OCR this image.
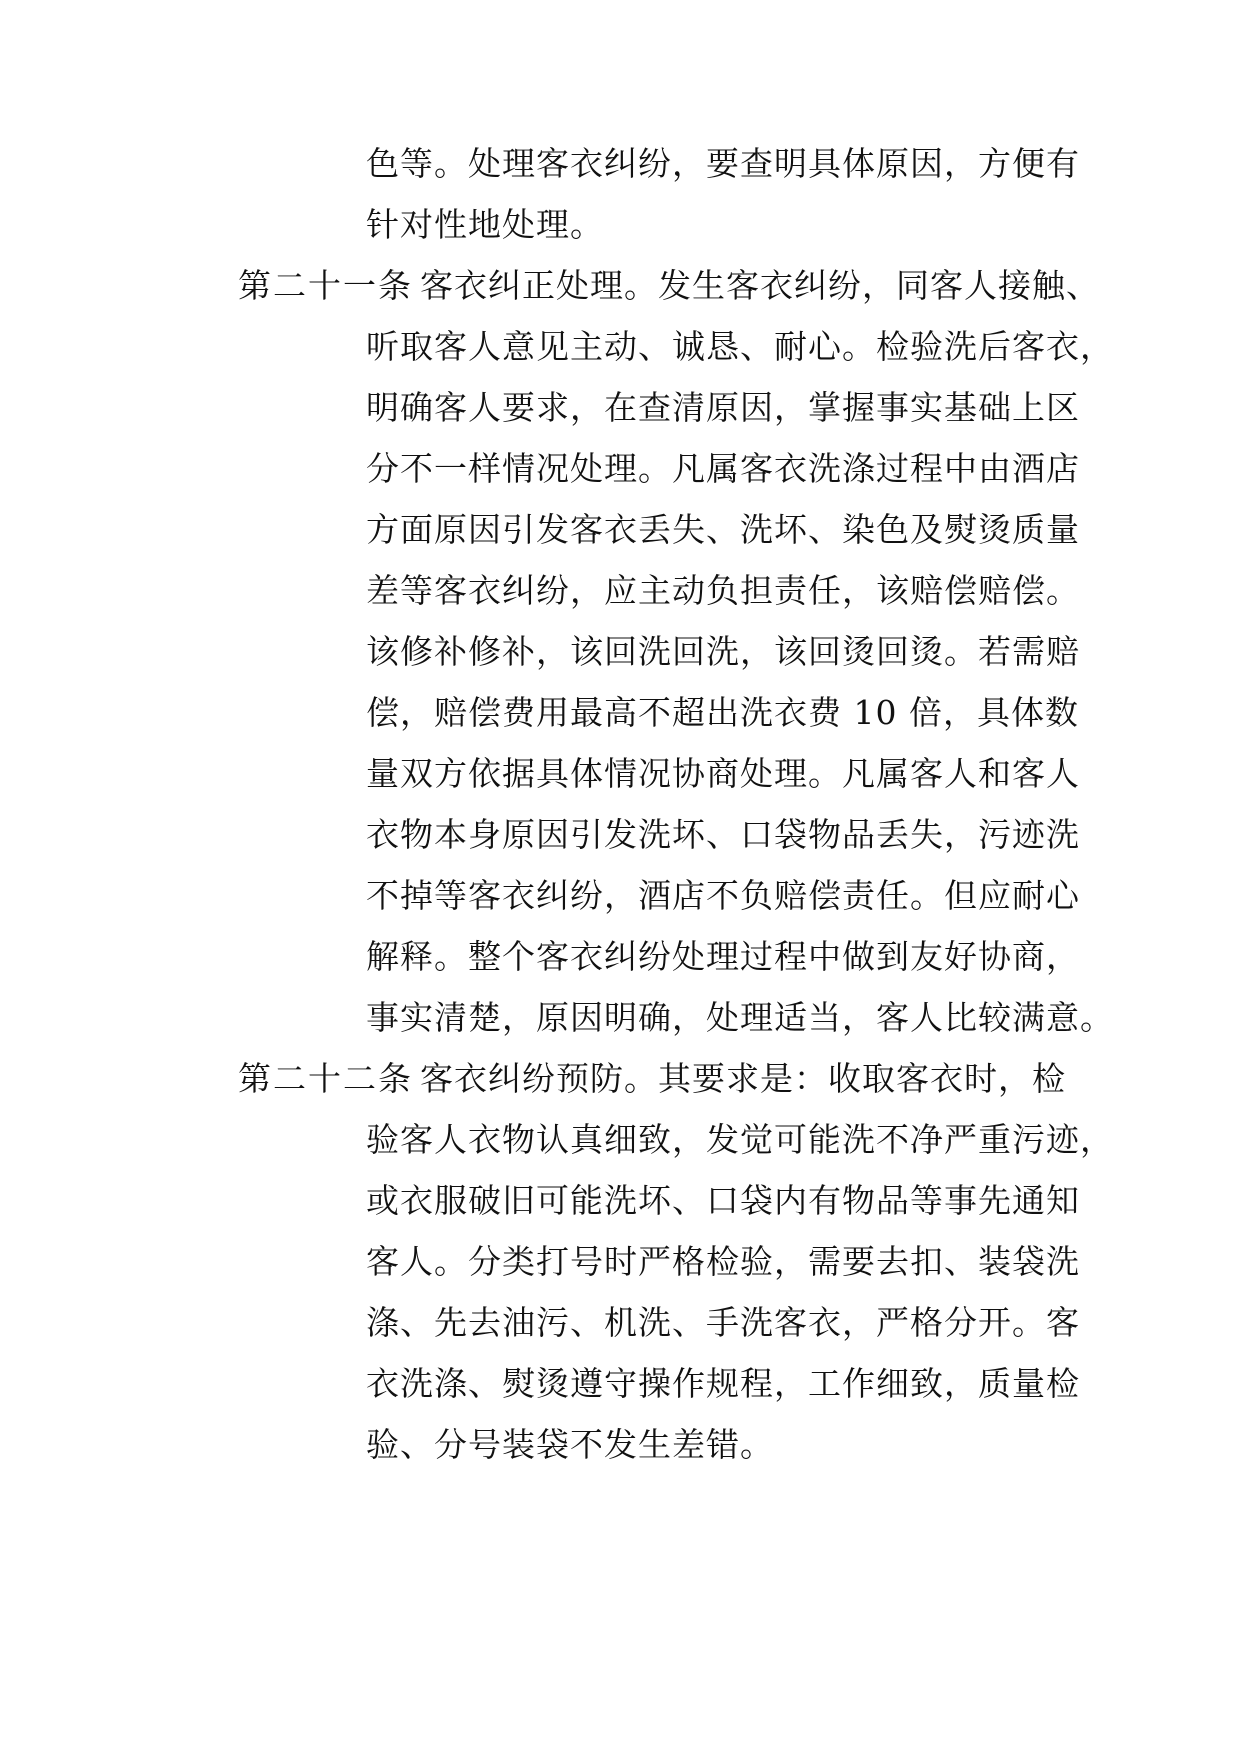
色等。处理客衣纠纷，要查明具体原因，方便有
针对性地处理。
第二十一条 客衣纠正处理。发生客衣纠纷，同客人接触、
听取客人意见主动、诚恳、耐心。检验洗后客衣，
明确客人要求，在查清原因，掌握事实基础上区
分不一样情况处理。凡属客衣洗涤过程中由酒店
方面原因引发客衣丢失、洗坏、染色及熨烫质量
差等客衣纠纷，应主动负担责任，该赔偿赔偿。
该修补修补，该回洗回洗，该回烫回烫。若需赔
偿，赔偿费用最高不超出洗衣费 10 倍，具体数
量双方依据具体情况协商处理。凡属客人和客人
衣物本身原因引发洗坏、口袋物品丢失，污迹洗
不掉等客衣纠纷，酒店不负赔偿责任。但应耐心
解释。整个客衣纠纷处理过程中做到友好协商，
事实清楚，原因明确，处理适当，客人比较满意。
第二十二条 客衣纠纷预防。其要求是：收取客衣时，检
验客人衣物认真细致，发觉可能洗不净严重污迹，
或衣服破旧可能洗坏、口袋内有物品等事先通知
客人。分类打号时严格检验，需要去扣、装袋洗
涤、先去油污、机洗、手洗客衣，严格分开。客
衣洗涤、熨烫遵守操作规程，工作细致，质量检
验、分号装袋不发生差错。
